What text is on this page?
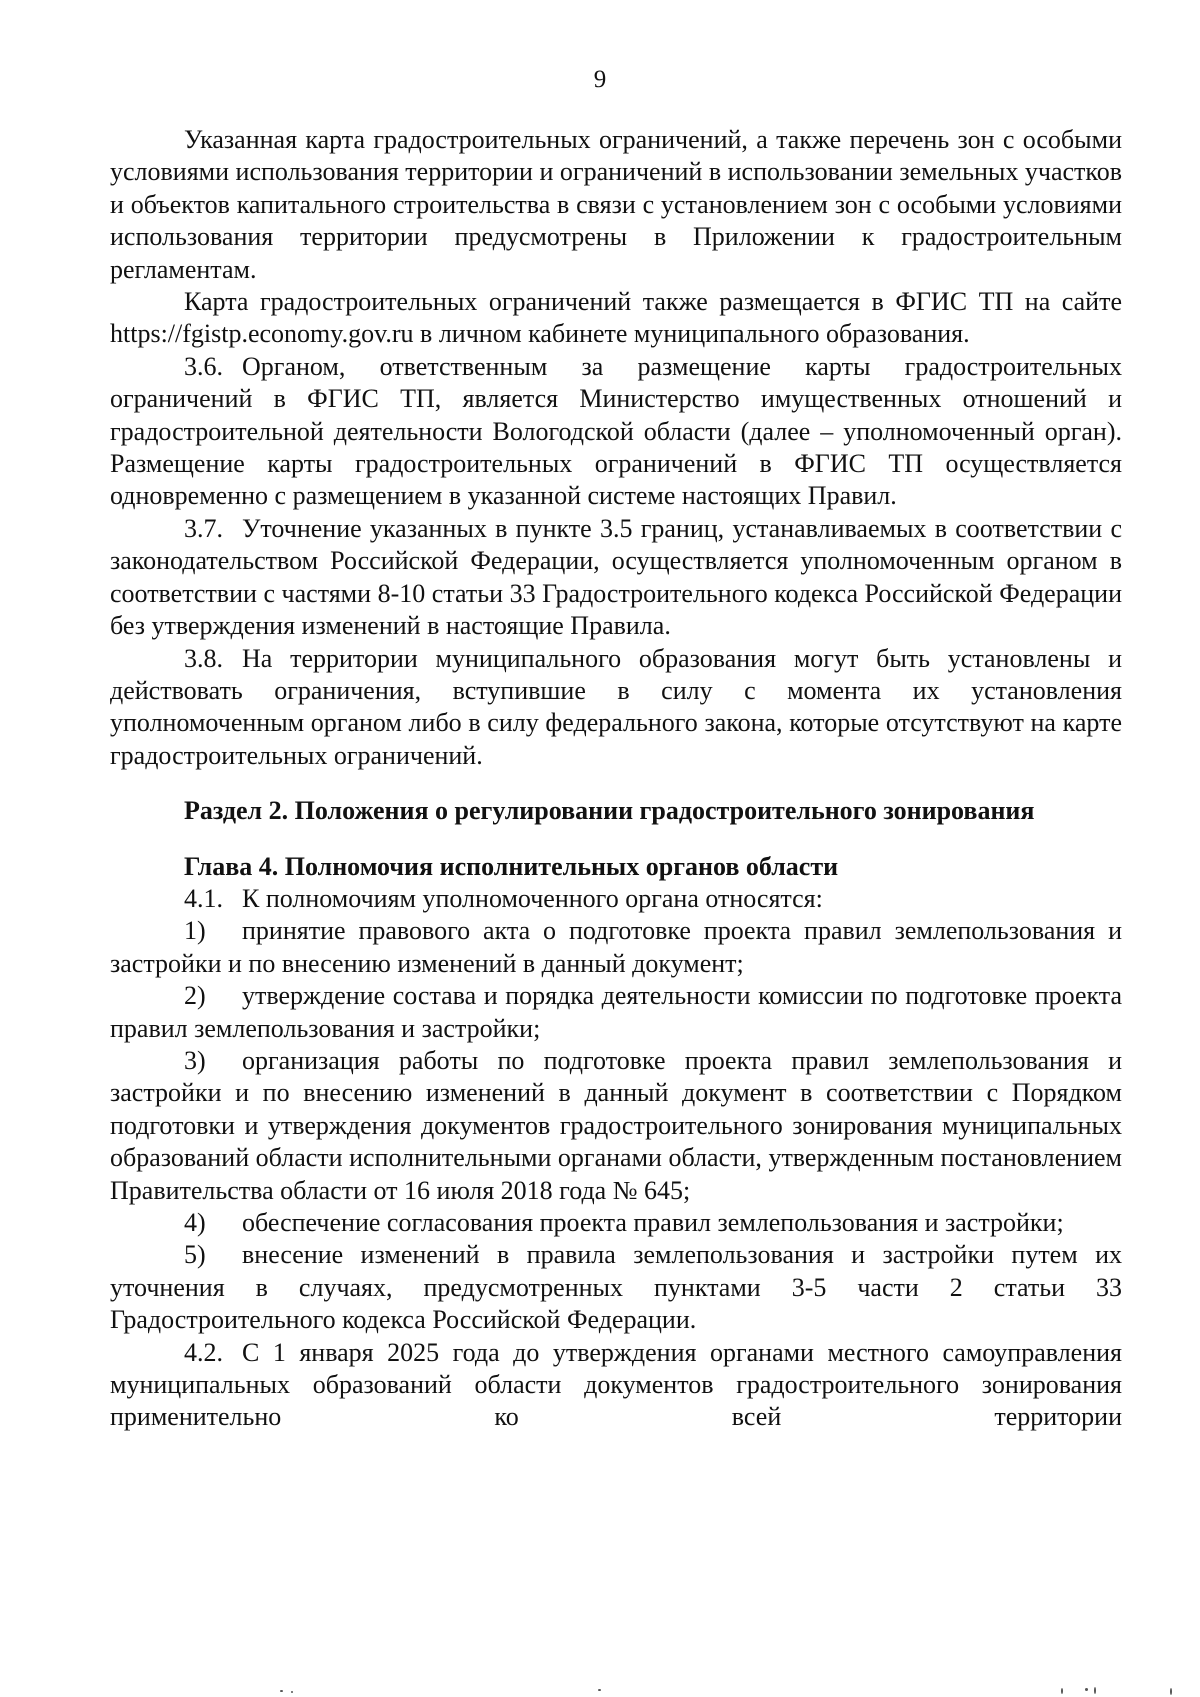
9

Указанная карта градостроительных ограничений, а также перечень зон с особыми условиями использования территории и ограничений в использовании земельных участков и объектов капитального строительства в связи с установлением зон с особыми условиями использования территории предусмотрены в Приложении к градостроительным регламентам.

Карта градостроительных ограничений также размещается в ФГИС ТП на сайте https://fgistp.economy.gov.ru в личном кабинете муниципального образования.

3.6. Органом, ответственным за размещение карты градостроительных ограничений в ФГИС ТП, является Министерство имущественных отношений и градостроительной деятельности Вологодской области (далее – уполномоченный орган). Размещение карты градостроительных ограничений в ФГИС ТП осуществляется одновременно с размещением в указанной системе настоящих Правил.

3.7. Уточнение указанных в пункте 3.5 границ, устанавливаемых в соответствии с законодательством Российской Федерации, осуществляется уполномоченным органом в соответствии с частями 8-10 статьи 33 Градостроительного кодекса Российской Федерации без утверждения изменений в настоящие Правила.

3.8. На территории муниципального образования могут быть установлены и действовать ограничения, вступившие в силу с момента их установления уполномоченным органом либо в силу федерального закона, которые отсутствуют на карте градостроительных ограничений.

Раздел 2. Положения о регулировании градостроительного зонирования

Глава 4. Полномочия исполнительных органов области

4.1. К полномочиям уполномоченного органа относятся:

1) принятие правового акта о подготовке проекта правил землепользования и застройки и по внесению изменений в данный документ;

2) утверждение состава и порядка деятельности комиссии по подготовке проекта правил землепользования и застройки;

3) организация работы по подготовке проекта правил землепользования и застройки и по внесению изменений в данный документ в соответствии с Порядком подготовки и утверждения документов градостроительного зонирования муниципальных образований области исполнительными органами области, утвержденным постановлением Правительства области от 16 июля 2018 года № 645;

4) обеспечение согласования проекта правил землепользования и застройки;

5) внесение изменений в правила землепользования и застройки путем их уточнения в случаях, предусмотренных пунктами 3-5 части 2 статьи 33 Градостроительного кодекса Российской Федерации.

4.2. С 1 января 2025 года до утверждения органами местного самоуправления муниципальных образований области документов градостроительного зонирования применительно ко всей территории
